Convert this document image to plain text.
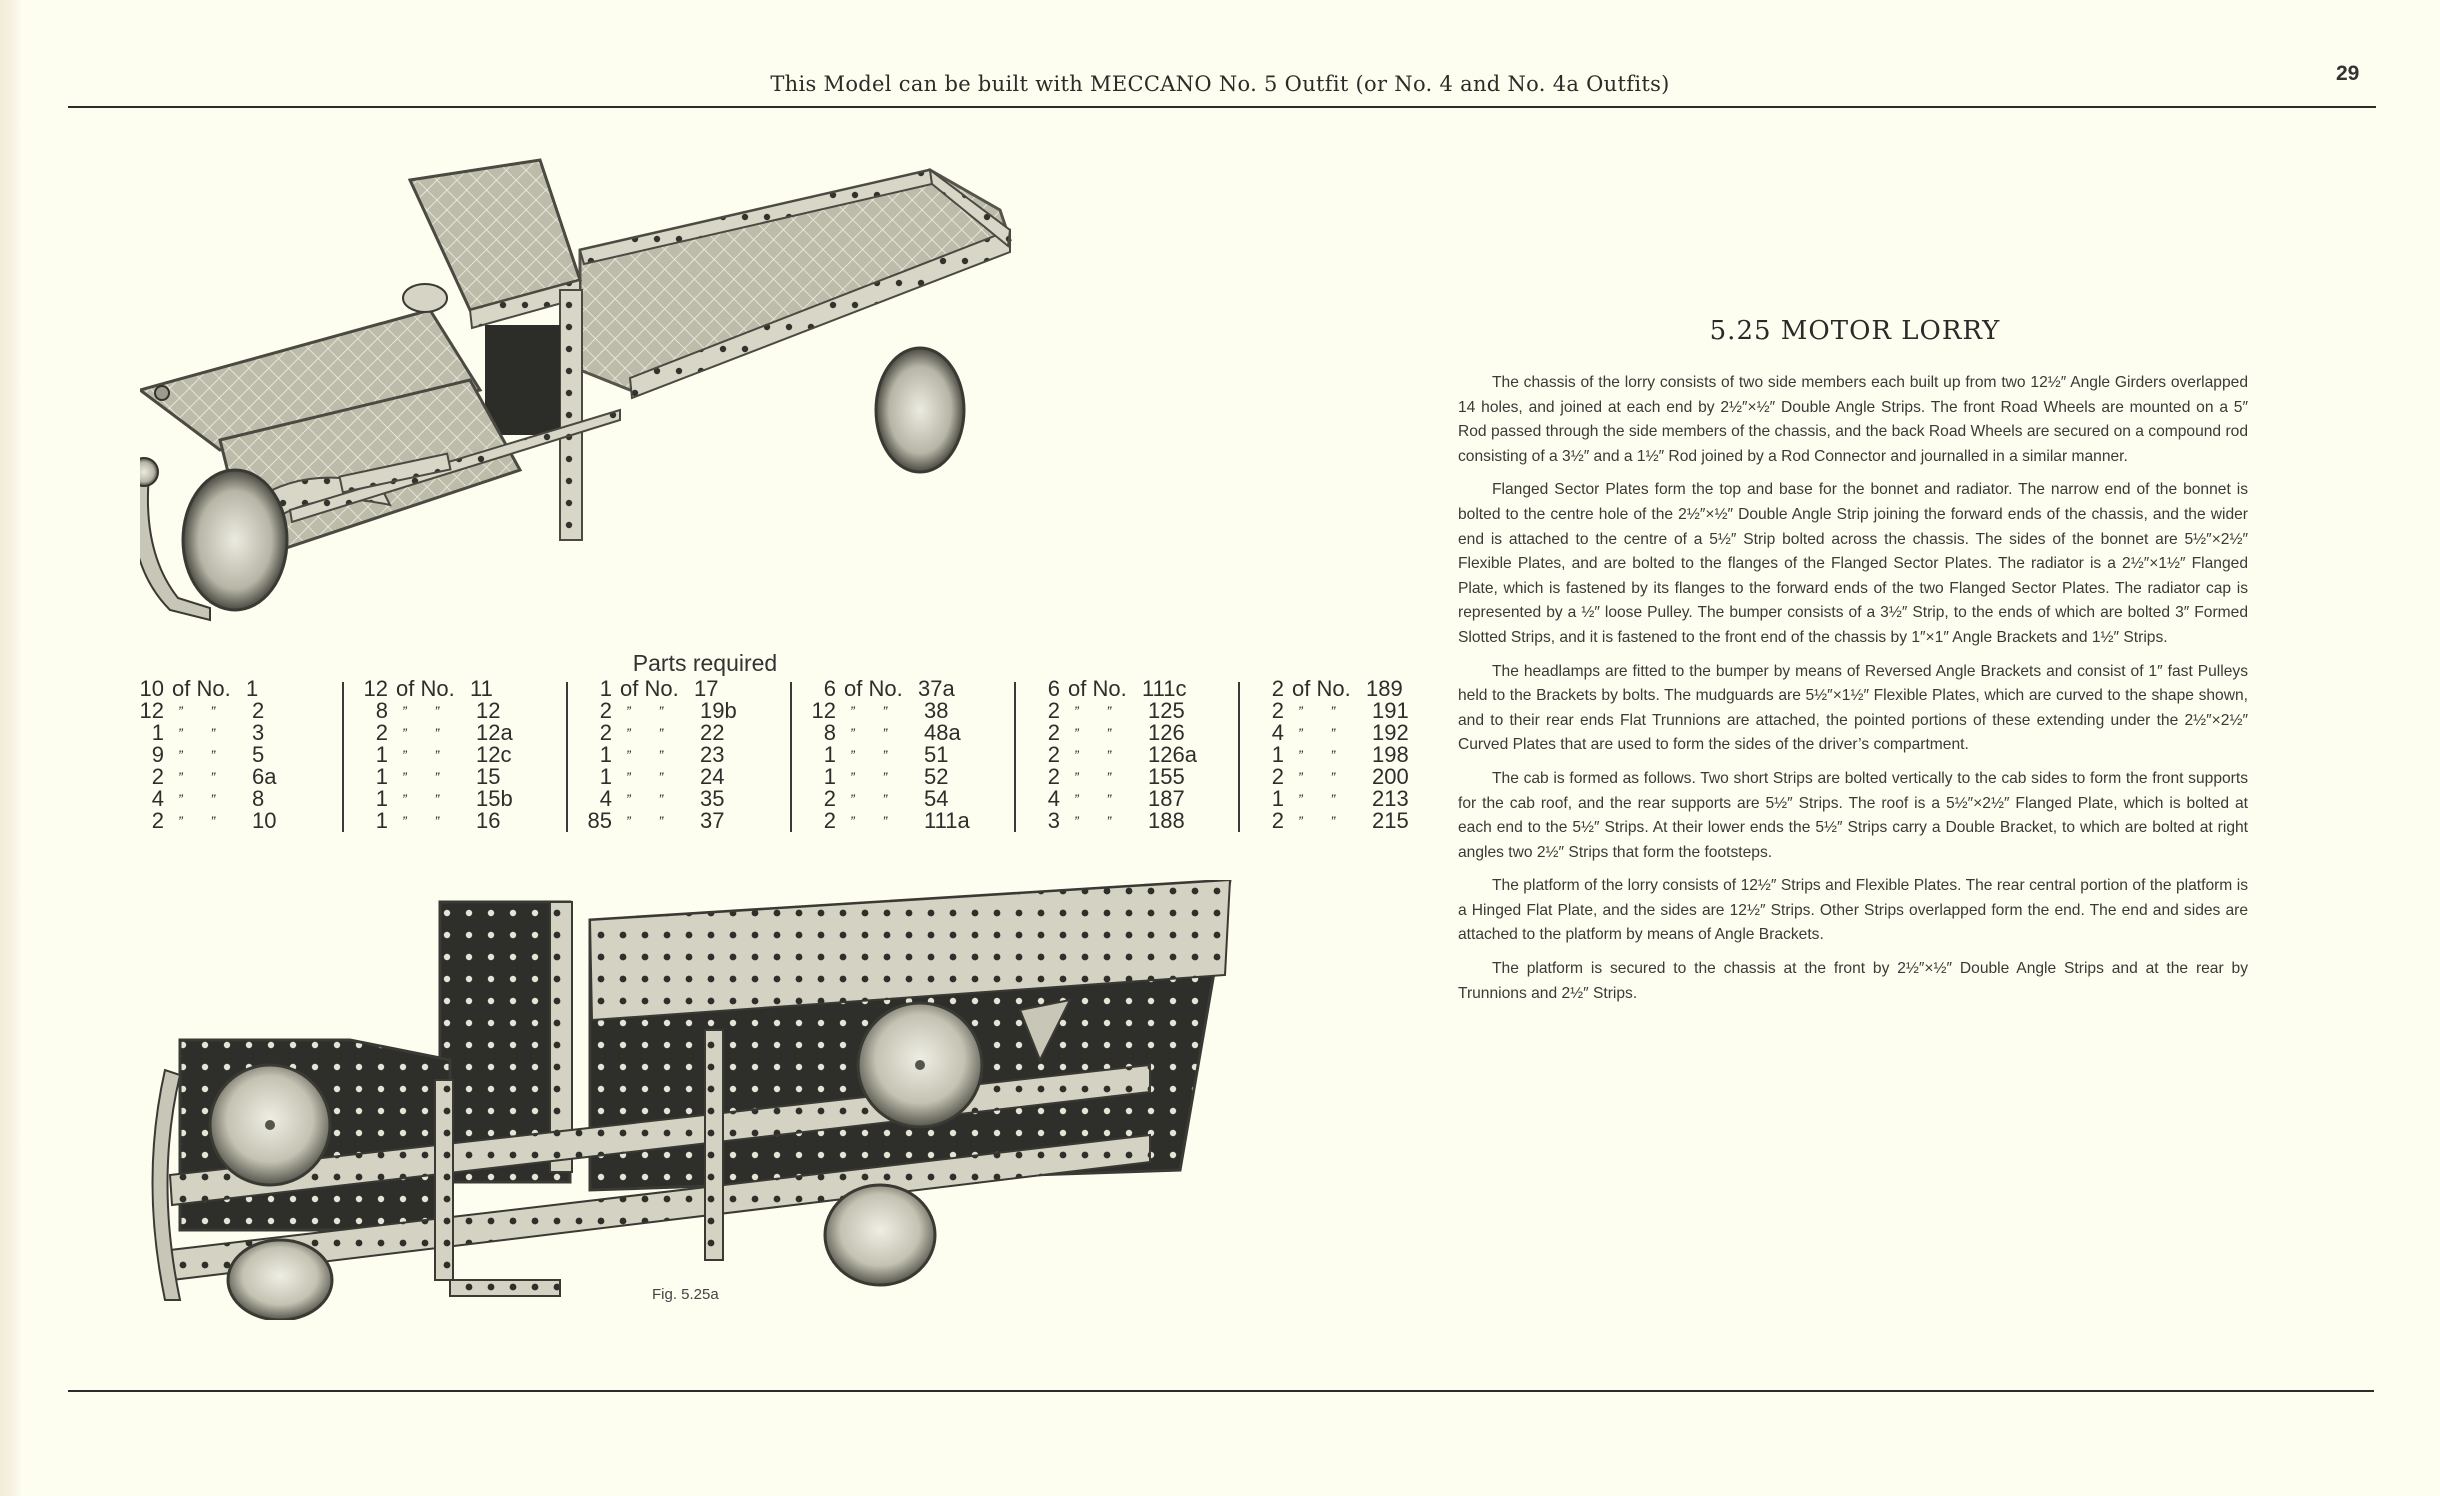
This Model can be built with MECCANO No. 5 Outfit (or No. 4 and No. 4a Outfits)	29
Parts required
10 of No. 1
12	” ”	2
1	” ”	3
9	” ”	5
2	” ”	6a
4	” ”	8
2	” ”	10
12 of No. 11
8	” ”	12
2	” ”	12a
1	” ”	12c
1	” ”	15
1	” ”	15b
1	” ”	16
1 of No. 17
2	” ”	19b
2	” ”	22
1	” ”	23
1	” ”	24
4	” ”	35
85	” ”	37
6 of No. 37a
12	” ”	38
8	” ”	48a
1	” ”	51
1	” ”	52
2	” ”	54
2	” ”	111a
6 of No. 111c
2	” ”	125
2	” ”	126
2	” ”	126a
2	” ”	155
4	” ”	187
3	” ”	188
2 of No. 189
2	” ”	191
4	” ”	192
1	” ”	198
2	” ”	200
1	” ”	213
2	” ”	215
Fig. 5.25a
5.25 MOTOR LORRY

The chassis of the lorry consists of two side members each built up from two 12½″ Angle Girders overlapped 14 holes, and joined at each end by 2½″×½″ Double Angle Strips. The front Road Wheels are mounted on a 5″ Rod passed through the side members of the chassis, and the back Road Wheels are secured on a compound rod consisting of a 3½″ and a 1½″ Rod joined by a Rod Connector and journalled in a similar manner.

Flanged Sector Plates form the top and base for the bonnet and radiator. The narrow end of the bonnet is bolted to the centre hole of the 2½″×½″ Double Angle Strip joining the forward ends of the chassis, and the wider end is attached to the centre of a 5½″ Strip bolted across the chassis. The sides of the bonnet are 5½″×2½″ Flexible Plates, and are bolted to the flanges of the Flanged Sector Plates. The radiator is a 2½″×1½″ Flanged Plate, which is fastened by its flanges to the forward ends of the two Flanged Sector Plates. The radiator cap is represented by a ½″ loose Pulley. The bumper consists of a 3½″ Strip, to the ends of which are bolted 3″ Formed Slotted Strips, and it is fastened to the front end of the chassis by 1″×1″ Angle Brackets and 1½″ Strips.

The headlamps are fitted to the bumper by means of Reversed Angle Brackets and consist of 1″ fast Pulleys held to the Brackets by bolts. The mudguards are 5½″×1½″ Flexible Plates, which are curved to the shape shown, and to their rear ends Flat Trunnions are attached, the pointed portions of these extending under the 2½″×2½″ Curved Plates that are used to form the sides of the driver’s compartment.

The cab is formed as follows. Two short Strips are bolted vertically to the cab sides to form the front supports for the cab roof, and the rear supports are 5½″ Strips. The roof is a 5½″×2½″ Flanged Plate, which is bolted at each end to the 5½″ Strips. At their lower ends the 5½″ Strips carry a Double Bracket, to which are bolted at right angles two 2½″ Strips that form the footsteps.

The platform of the lorry consists of 12½″ Strips and Flexible Plates. The rear central portion of the platform is a Hinged Flat Plate, and the sides are 12½″ Strips. Other Strips overlapped form the end. The end and sides are attached to the platform by means of Angle Brackets.

The platform is secured to the chassis at the front by 2½″×½″ Double Angle Strips and at the rear by Trunnions and 2½″ Strips.
